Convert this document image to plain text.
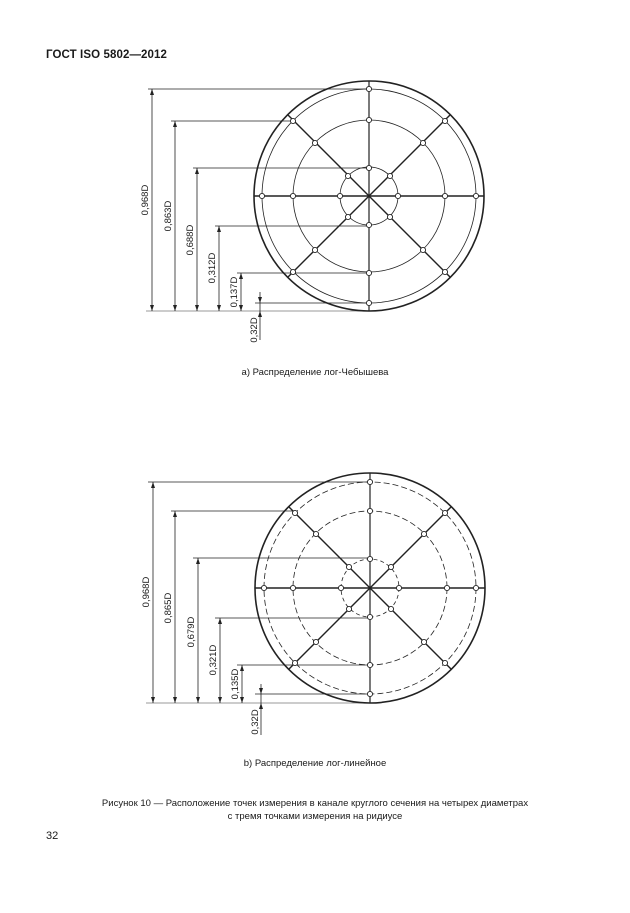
ГОСТ ISO 5802—2012
0,968D
0,863D
0,688D
0,312D
0,137D
0,32D
a) Распределение лог-Чебышева
0,968D
0,865D
0,679D
0,321D
0,135D
0,32D
b) Распределение лог-линейное
Рисунок 10 — Расположение точек измерения в канале круглого сечения на четырех диаметрах
с тремя точками измерения на ридиусе
32
